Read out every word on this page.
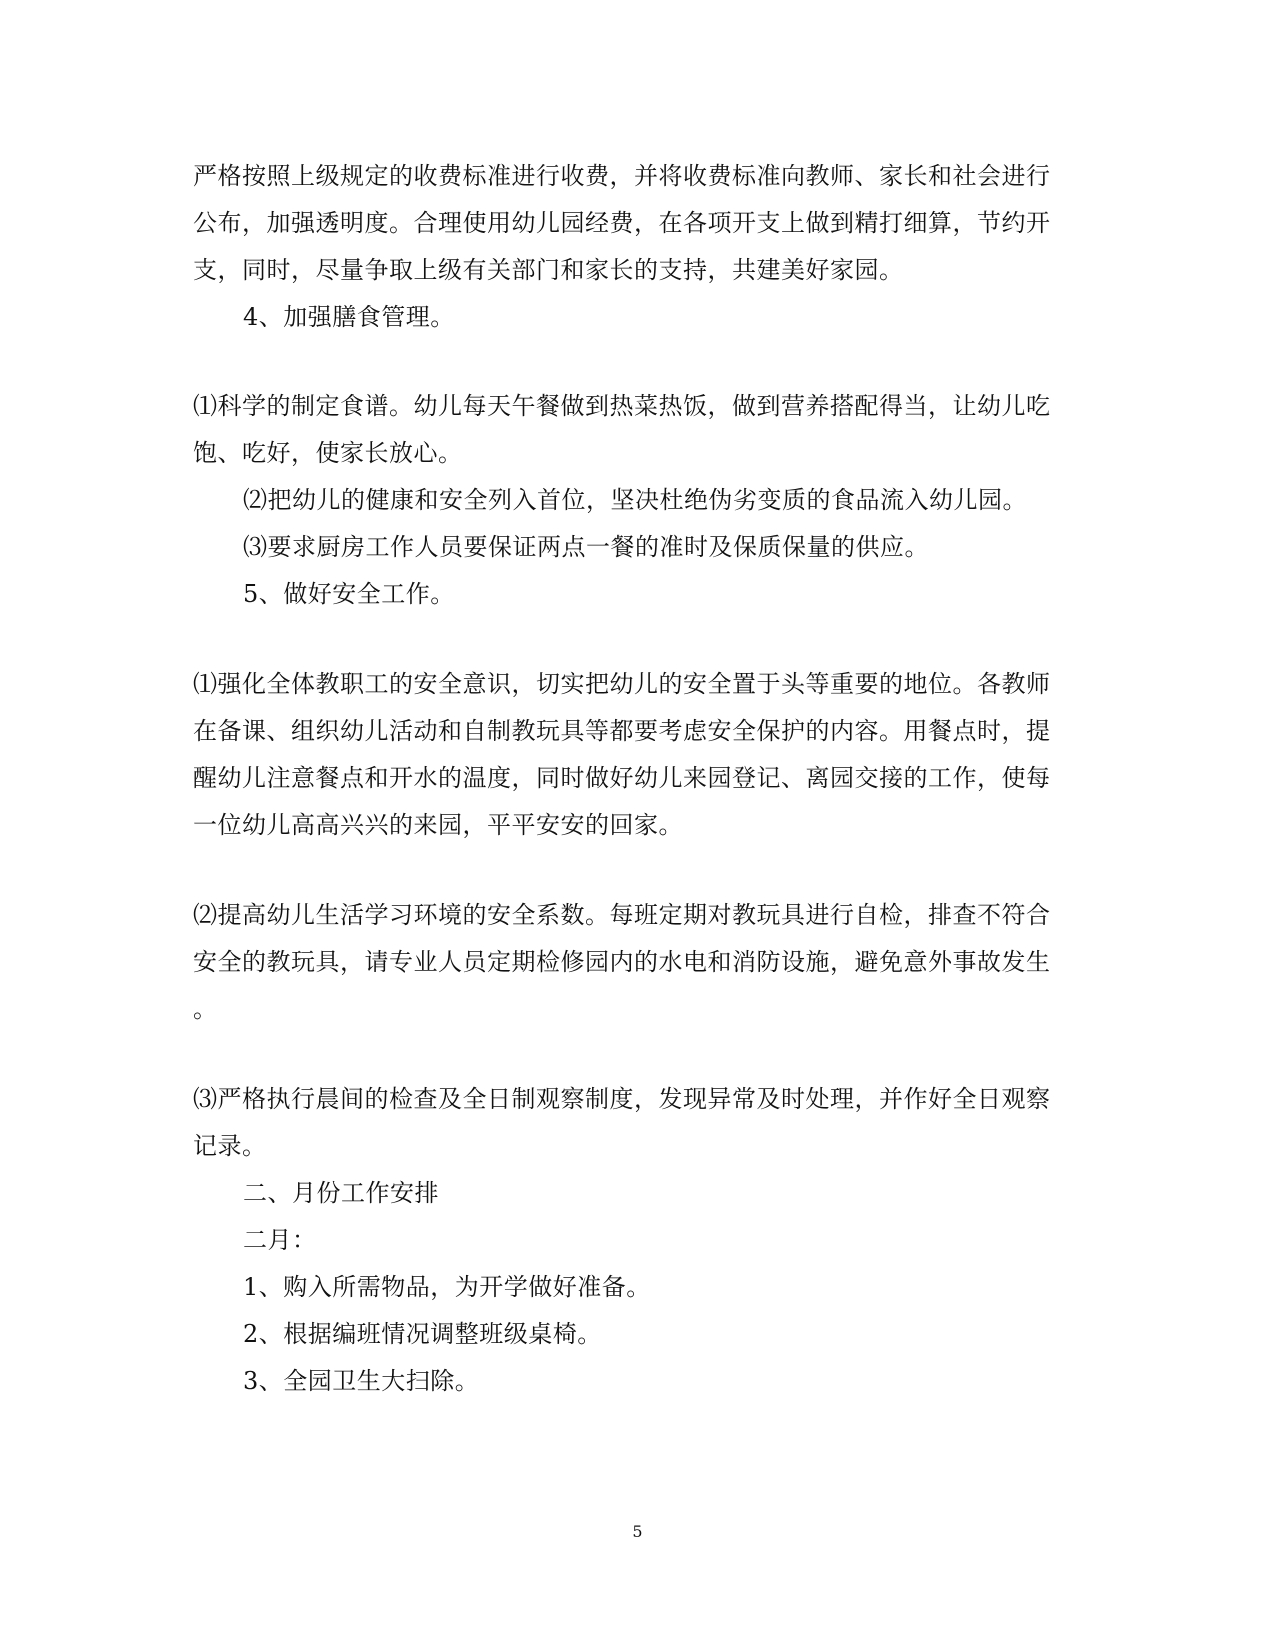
严格按照上级规定的收费标准进行收费，并将收费标准向教师、家长和社会进行
公布，加强透明度。合理使用幼儿园经费，在各项开支上做到精打细算，节约开
支，同时，尽量争取上级有关部门和家长的支持，共建美好家园。
4、加强膳食管理。
⑴科学的制定食谱。幼儿每天午餐做到热菜热饭，做到营养搭配得当，让幼儿吃
饱、吃好，使家长放心。
⑵把幼儿的健康和安全列入首位，坚决杜绝伪劣变质的食品流入幼儿园。
⑶要求厨房工作人员要保证两点一餐的准时及保质保量的供应。
5、做好安全工作。
⑴强化全体教职工的安全意识，切实把幼儿的安全置于头等重要的地位。各教师
在备课、组织幼儿活动和自制教玩具等都要考虑安全保护的内容。用餐点时，提
醒幼儿注意餐点和开水的温度，同时做好幼儿来园登记、离园交接的工作，使每
一位幼儿高高兴兴的来园，平平安安的回家。
⑵提高幼儿生活学习环境的安全系数。每班定期对教玩具进行自检，排查不符合
安全的教玩具，请专业人员定期检修园内的水电和消防设施，避免意外事故发生
。
⑶严格执行晨间的检查及全日制观察制度，发现异常及时处理，并作好全日观察
记录。
二、月份工作安排
二月：
1、购入所需物品，为开学做好准备。
2、根据编班情况调整班级桌椅。
3、全园卫生大扫除。
5
